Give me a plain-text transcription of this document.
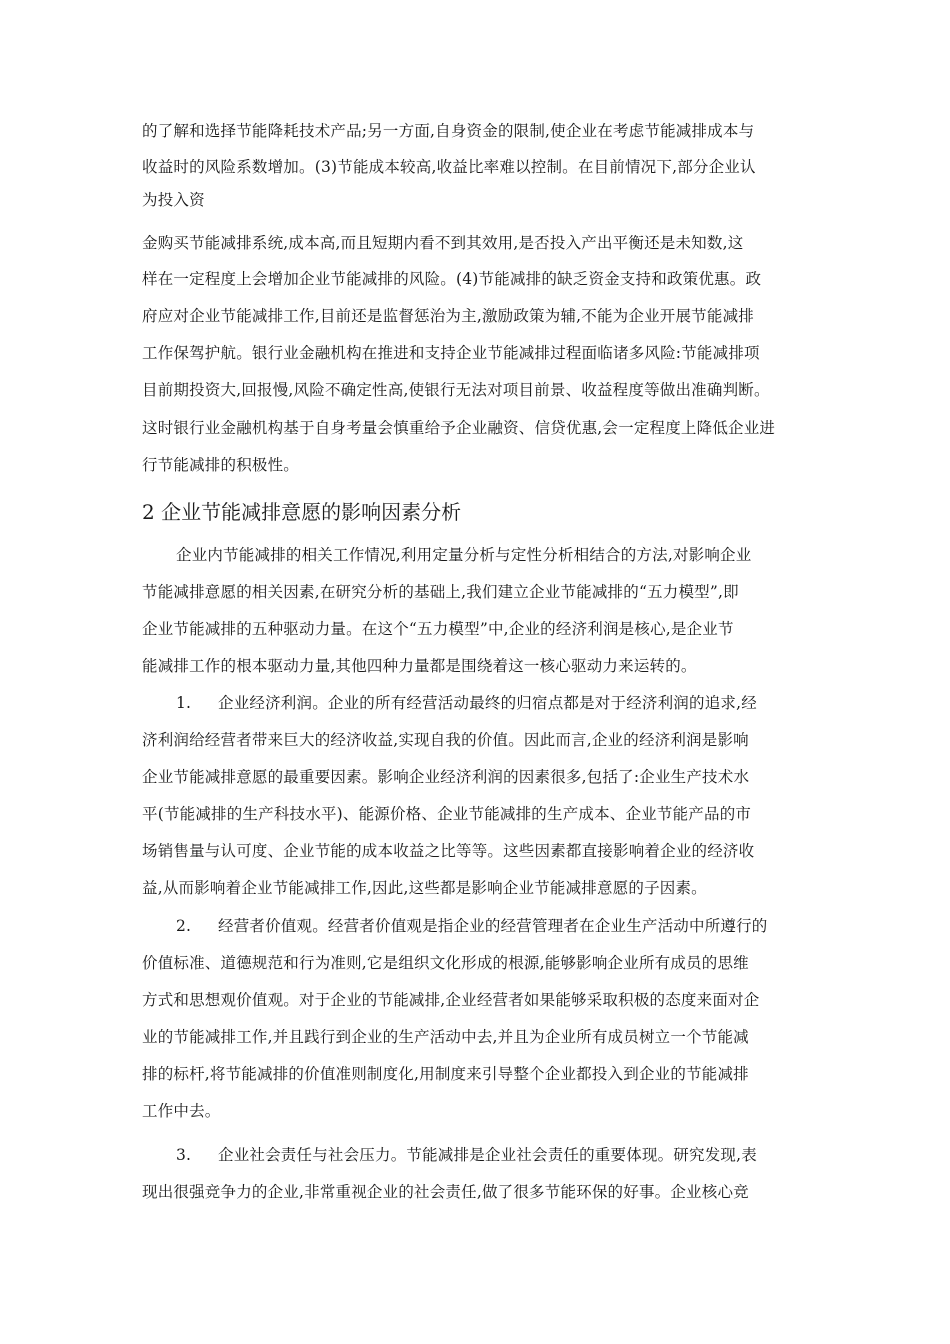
的了解和选择节能降耗技术产品;另一方面,自身资金的限制,使企业在考虑节能减排成本与
收益时的风险系数增加。(3)节能成本较高,收益比率难以控制。在目前情况下,部分企业认
为投入资
金购买节能减排系统,成本高,而且短期内看不到其效用,是否投入产出平衡还是未知数,这
样在一定程度上会增加企业节能减排的风险。(4)节能减排的缺乏资金支持和政策优惠。政
府应对企业节能减排工作,目前还是监督惩治为主,激励政策为辅,不能为企业开展节能减排
工作保驾护航。银行业金融机构在推进和支持企业节能减排过程面临诸多风险:节能减排项
目前期投资大,回报慢,风险不确定性高,使银行无法对项目前景、收益程度等做出准确判断。
这时银行业金融机构基于自身考量会慎重给予企业融资、信贷优惠,会一定程度上降低企业进
行节能减排的积极性。
2 企业节能减排意愿的影响因素分析
企业内节能减排的相关工作情况,利用定量分析与定性分析相结合的方法,对影响企业
节能减排意愿的相关因素,在研究分析的基础上,我们建立企业节能减排的“五力模型”,即
企业节能减排的五种驱动力量。在这个“五力模型”中,企业的经济利润是核心,是企业节
能减排工作的根本驱动力量,其他四种力量都是围绕着这一核心驱动力来运转的。
1. 企业经济利润。企业的所有经营活动最终的归宿点都是对于经济利润的追求,经
济利润给经营者带来巨大的经济收益,实现自我的价值。因此而言,企业的经济利润是影响
企业节能减排意愿的最重要因素。影响企业经济利润的因素很多,包括了:企业生产技术水
平(节能减排的生产科技水平)、能源价格、企业节能减排的生产成本、企业节能产品的市
场销售量与认可度、企业节能的成本收益之比等等。这些因素都直接影响着企业的经济收
益,从而影响着企业节能减排工作,因此,这些都是影响企业节能减排意愿的子因素。
2. 经营者价值观。经营者价值观是指企业的经营管理者在企业生产活动中所遵行的
价值标准、道德规范和行为准则,它是组织文化形成的根源,能够影响企业所有成员的思维
方式和思想观价值观。对于企业的节能减排,企业经营者如果能够采取积极的态度来面对企
业的节能减排工作,并且践行到企业的生产活动中去,并且为企业所有成员树立一个节能减
排的标杆,将节能减排的价值准则制度化,用制度来引导整个企业都投入到企业的节能减排
工作中去。
3. 企业社会责任与社会压力。节能减排是企业社会责任的重要体现。研究发现,表
现出很强竞争力的企业,非常重视企业的社会责任,做了很多节能环保的好事。企业核心竞
